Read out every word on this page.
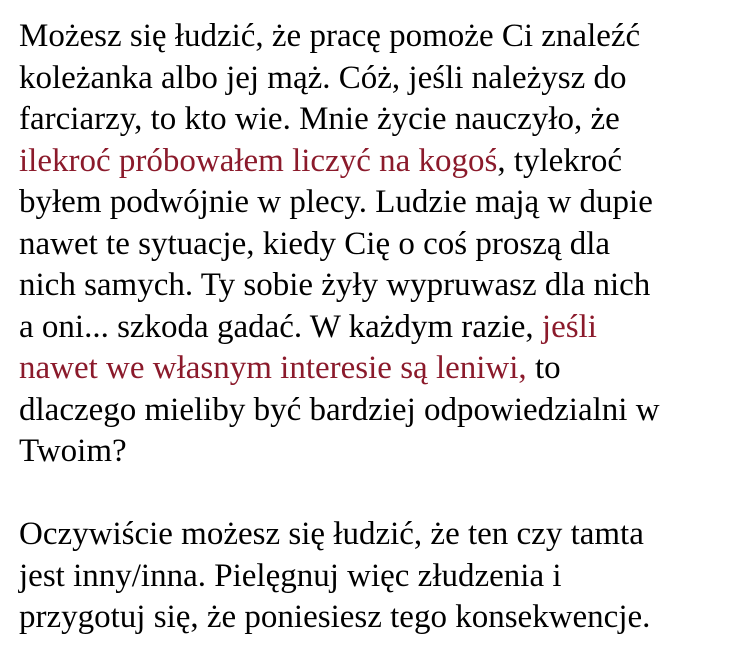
Możesz się łudzić, że pracę pomoże Ci znaleźć
koleżanka albo jej mąż. Cóż, jeśli należysz do
farciarzy, to kto wie. Mnie życie nauczyło, że
ilekroć próbowałem liczyć na kogoś, tylekroć
byłem podwójnie w plecy. Ludzie mają w dupie
nawet te sytuacje, kiedy Cię o coś proszą dla
nich samych. Ty sobie żyły wypruwasz dla nich
a oni... szkoda gadać. W każdym razie, jeśli
nawet we własnym interesie są leniwi, to
dlaczego mieliby być bardziej odpowiedzialni w
Twoim?

Oczywiście możesz się łudzić, że ten czy tamta
jest inny/inna. Pielęgnuj więc złudzenia i
przygotuj się, że poniesiesz tego konsekwencje.
